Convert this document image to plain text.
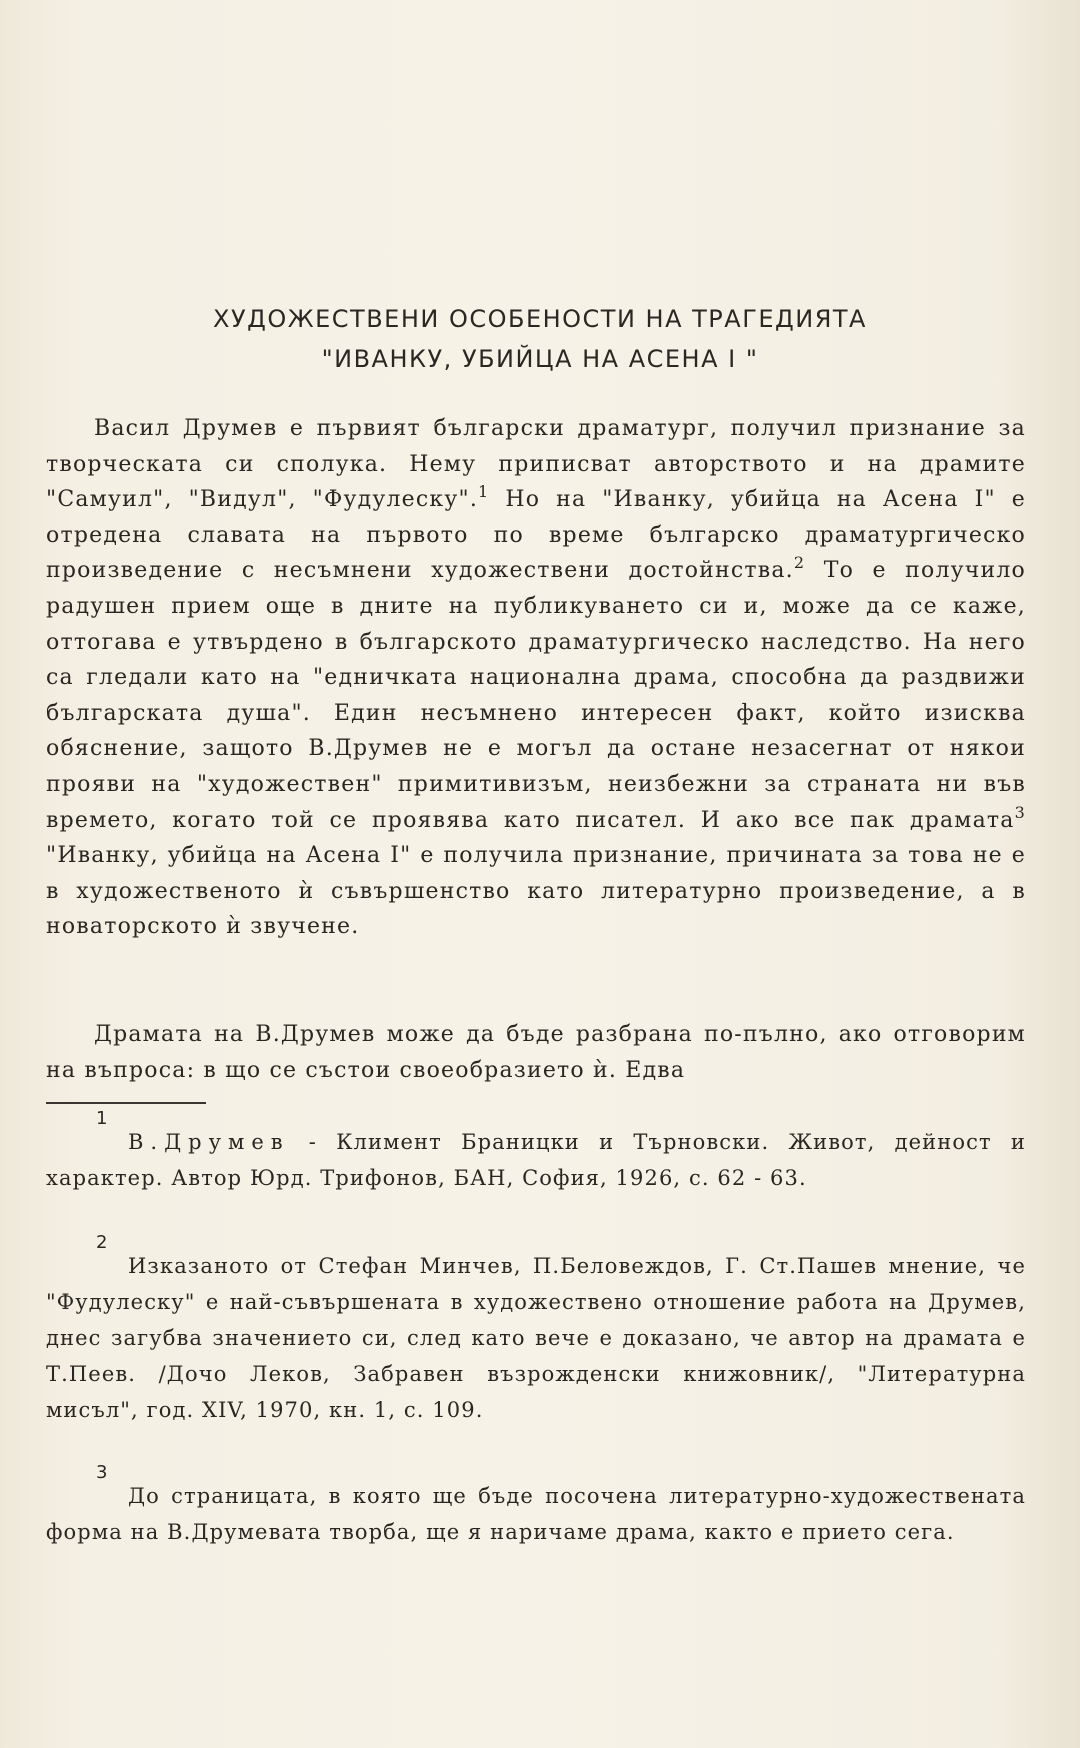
ХУДОЖЕСТВЕНИ ОСОБЕНОСТИ НА ТРАГЕДИЯТА
"ИВАНКУ, УБИЙЦА НА АСЕНА I "

Васил Друмев е първият български драматург, получил признание за творческата си сполука. Нему приписват авторството и на драмите "Самуил", "Видул", "Фудулеску".$^1$ Но на "Иванку, убийца на Асена I" е отредена славата на първото по време българско драматургическо произведение с несъмнени художествени достойнства.$^2$ То е получило радушен прием още в дните на публикуването си и, може да се каже, оттогава е утвърдено в българското драматургическо наследство. На него са гледали като на "едничката национална драма, способна да раздвижи българската душа". Един несъмнено интересен факт, който изисква обяснение, защото В.Друмев не е могъл да остане незасегнат от някои прояви на "художествен" примитивизъм, неизбежни за страната ни във времето, когато той се проявява като писател. И ако все пак драмата$^3$ "Иванку, убийца на Асена I" е получила признание, причината за това не е в художественото ѝ съвършенство като литературно произведение, а в новаторското ѝ звучене.

Драмата на В.Друмев може да бъде разбрана по-пълно, ако отговорим на въпроса: в що се състои своеобразието ѝ. Едва

1

В.Друмев - Климент Браницки и Търновски. Живот, дейност и характер. Автор Юрд. Трифонов, БАН, София, 1926, с. 62 - 63.

2

Изказаното от Стефан Минчев, П.Беловеждов, Г. Ст.Пашев мнение, че "Фудулеску" е най-съвършената в художествено отношение работа на Друмев, днес загубва значението си, след като вече е доказано, че автор на драмата е Т.Пеев. /Дочо Леков, Забравен възрожденски книжовник/, "Литературна мисъл", год. XIV, 1970, кн. 1, с. 109.

3

До страницата, в която ще бъде посочена литературно-художествената форма на В.Друмевата творба, ще я наричаме драма, както е прието сега.
